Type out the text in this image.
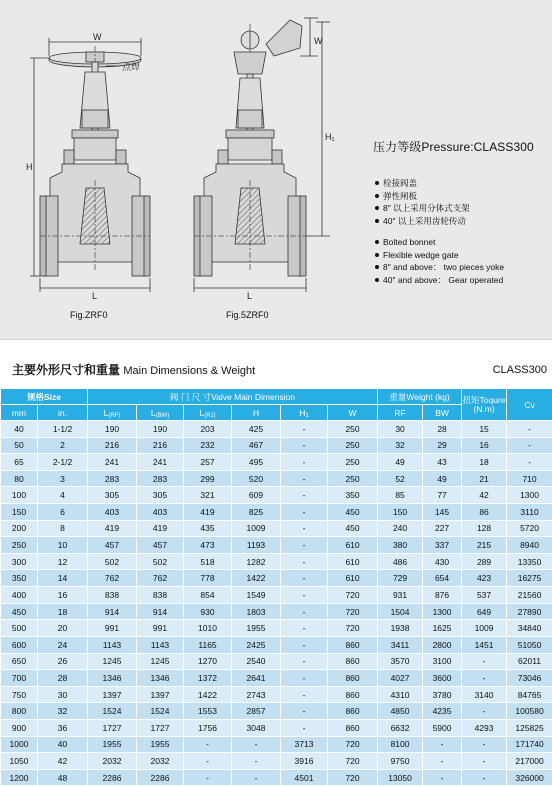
W
H
L
点焊
W
H₁
L
Fig.ZRF0	Fig.5ZRF0
压力等级Pressure:CLASS300
栓接阀盖
弹性闸板
8″ 以上采用分体式支架
40″ 以上采用齿轮传动
Bolted bonnet
Flexible wedge gate
8″ and above： two pieces yoke
40″ and above： Gear operated
主要外形尺寸和重量 Main Dimensions & Weight	CLASS300
规格Size		阀 门 尺 寸Valve Main Dimension						重量Weight (kg)		扭矩Toqure (N.m)	Cv
mm	in.	$L_{(RF)}$	$L_{(BW)}$	$L_{(RJ)}$	H	$H_1$	W	RF	BW		
40	1-1/2	190	190	203	425	-	250	30	28	15	-
50	2	216	216	232	467	-	250	32	29	16	-
65	2-1/2	241	241	257	495	-	250	49	43	18	-
80	3	283	283	299	520	-	250	52	49	21	710
100	4	305	305	321	609	-	350	85	77	42	1300
150	6	403	403	419	825	-	450	150	145	86	3110
200	8	419	419	435	1009	-	450	240	227	128	5720
250	10	457	457	473	1193	-	610	380	337	215	8940
300	12	502	502	518	1282	-	610	486	430	289	13350
350	14	762	762	778	1422	-	610	729	654	423	16275
400	16	838	838	854	1549	-	720	931	876	537	21560
450	18	914	914	930	1803	-	720	1504	1300	649	27890
500	20	991	991	1010	1955	-	720	1938	1625	1009	34840
600	24	1143	1143	1165	2425	-	860	3411	2800	1451	51050
650	26	1245	1245	1270	2540	-	860	3570	3100	-	62011
700	28	1346	1346	1372	2641	-	860	4027	3600	-	73046
750	30	1397	1397	1422	2743	-	860	4310	3780	3140	84765
800	32	1524	1524	1553	2857	-	860	4850	4235	-	100580
900	36	1727	1727	1756	3048	-	860	6632	5900	4293	125825
1000	40	1955	1955	-	-	3713	720	8100	-	-	171740
1050	42	2032	2032	-	-	3916	720	9750	-	-	217000
1200	48	2286	2286	-	-	4501	720	13050	-	-	326000
